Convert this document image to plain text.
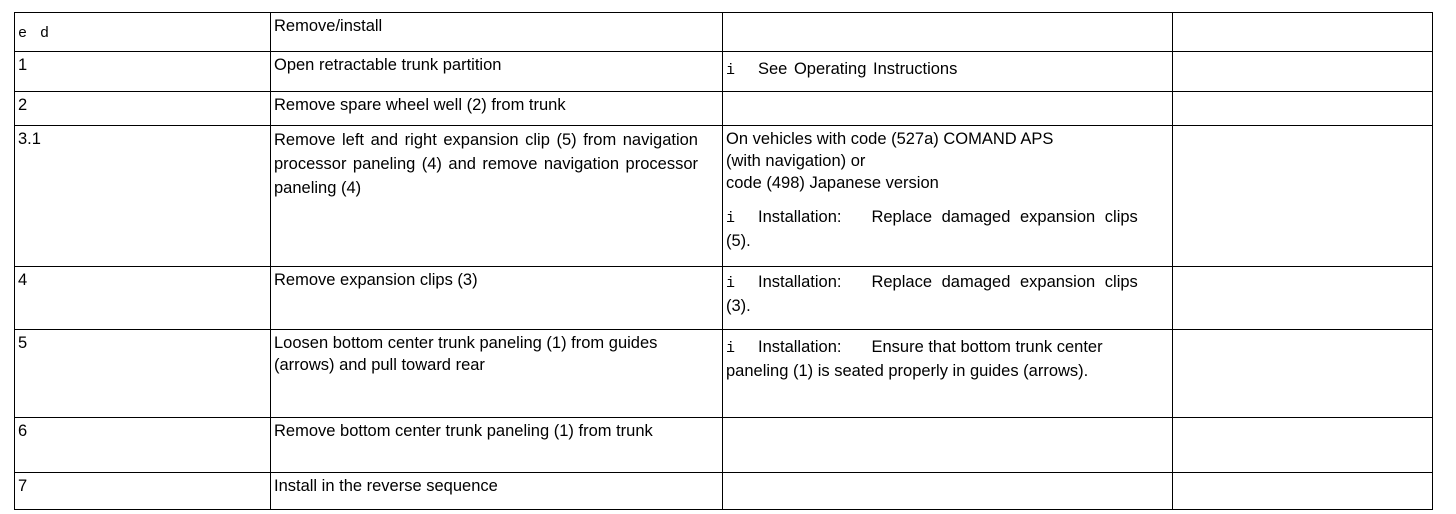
e d	Remove/install		
1	Open retractable trunk partition	i See Operating Instructions	
2	Remove spare wheel well (2) from trunk		
3.1	Remove left and right expansion clip (5) from navigation processor paneling (4) and remove navigation processor paneling (4)	On vehicles with code (527a) COMAND APS
(with navigation) or
code (498) Japanese version
i Installation: Replace damaged expansion clips (5).	

4	Remove expansion clips (3)	i Installation: Replace damaged expansion clips (3).	
5	Loosen bottom center trunk paneling (1) from guides (arrows) and pull toward rear	i Installation: Ensure that bottom trunk center paneling (1) is seated properly in guides (arrows).	
6	Remove bottom center trunk paneling (1) from trunk		

7	Install in the reverse sequence		
